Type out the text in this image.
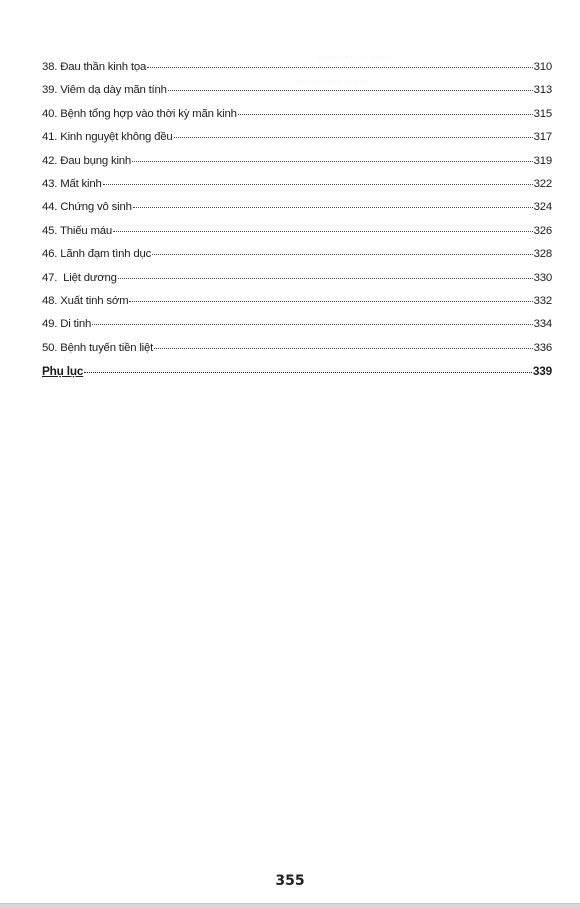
····· ··· · ····
····· ···· ·····
38. Đau thần kinh tọa	310
39. Viêm dạ dày mãn tính	313
40. Bệnh tổng hợp vào thời kỳ mãn kinh	315
41. Kinh nguyệt không đều	317
42. Đau bụng kinh	319
43. Mất kinh	322
44. Chứng vô sinh	324
45. Thiếu máu	326
46. Lãnh đạm tình dục	328
47.  Liệt dương	330
48. Xuất tinh sớm	332
49. Di tinh	334
50. Bệnh tuyến tiền liệt	336
Phụ lục	339
355
